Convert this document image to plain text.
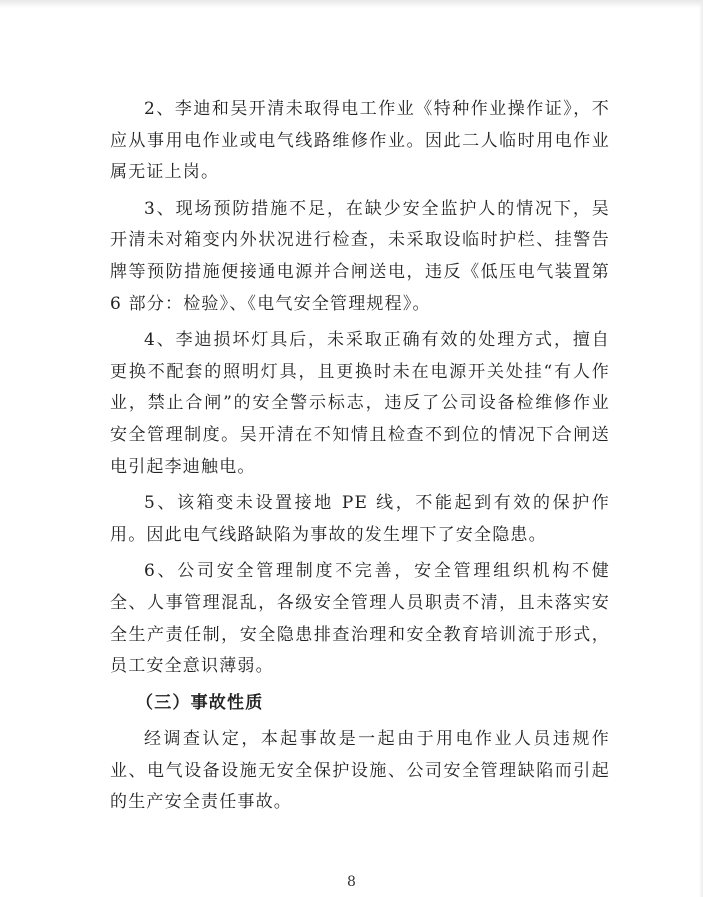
2、李迪和吴开清未取得电工作业《特种作业操作证》，不应从事用电作业或电气线路维修作业。因此二人临时用电作业属无证上岗。

3、现场预防措施不足，在缺少安全监护人的情况下，吴开清未对箱变内外状况进行检查，未采取设临时护栏、挂警告牌等预防措施便接通电源并合闸送电，违反《低压电气装置第 6 部分：检验》、《电气安全管理规程》。

4、李迪损坏灯具后，未采取正确有效的处理方式，擅自更换不配套的照明灯具，且更换时未在电源开关处挂“有人作业，禁止合闸”的安全警示标志，违反了公司设备检维修作业安全管理制度。吴开清在不知情且检查不到位的情况下合闸送电引起李迪触电。

5、该箱变未设置接地 PE 线，不能起到有效的保护作用。因此电气线路缺陷为事故的发生埋下了安全隐患。

6、公司安全管理制度不完善，安全管理组织机构不健全、人事管理混乱，各级安全管理人员职责不清，且未落实安全生产责任制，安全隐患排查治理和安全教育培训流于形式，员工安全意识薄弱。

（三）事故性质

经调查认定，本起事故是一起由于用电作业人员违规作业、电气设备设施无安全保护设施、公司安全管理缺陷而引起的生产安全责任事故。

8
